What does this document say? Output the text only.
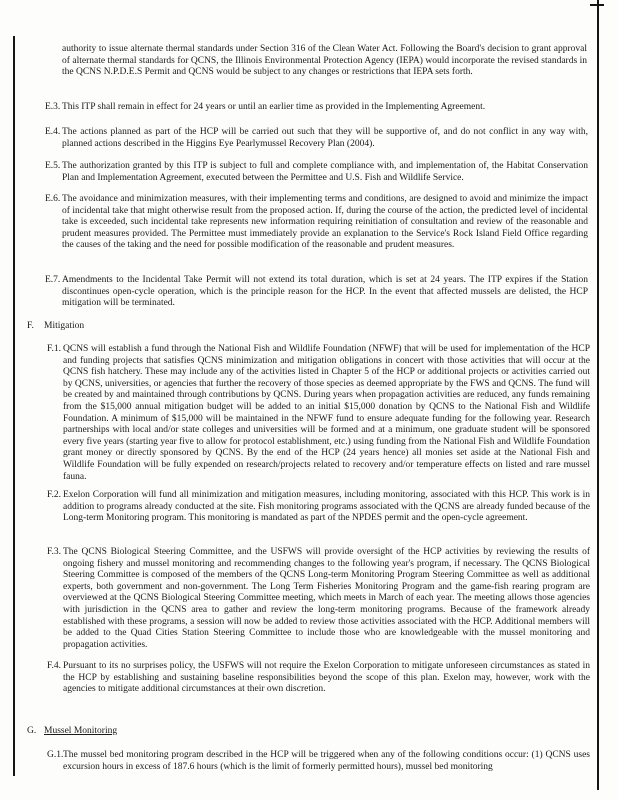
authority to issue alternate thermal standards under Section 316 of the Clean Water Act. Following the Board's decision to grant approval of alternate thermal standards for QCNS, the Illinois Environmental Protection Agency (IEPA) would incorporate the revised standards in the QCNS N.P.D.E.S Permit and QCNS would be subject to any changes or restrictions that IEPA sets forth.
E.3. This ITP shall remain in effect for 24 years or until an earlier time as provided in the Implementing Agreement.
E.4. The actions planned as part of the HCP will be carried out such that they will be supportive of, and do not conflict in any way with, planned actions described in the Higgins Eye Pearlymussel Recovery Plan (2004).
E.5. The authorization granted by this ITP is subject to full and complete compliance with, and implementation of, the Habitat Conservation Plan and Implementation Agreement, executed between the Permittee and U.S. Fish and Wildlife Service.
E.6. The avoidance and minimization measures, with their implementing terms and conditions, are designed to avoid and minimize the impact of incidental take that might otherwise result from the proposed action. If, during the course of the action, the predicted level of incidental take is exceeded, such incidental take represents new information requiring reinitiation of consultation and review of the reasonable and prudent measures provided. The Permittee must immediately provide an explanation to the Service's Rock Island Field Office regarding the causes of the taking and the need for possible modification of the reasonable and prudent measures.
E.7. Amendments to the Incidental Take Permit will not extend its total duration, which is set at 24 years. The ITP expires if the Station discontinues open-cycle operation, which is the principle reason for the HCP. In the event that affected mussels are delisted, the HCP mitigation will be terminated.
F. Mitigation
F.1. QCNS will establish a fund through the National Fish and Wildlife Foundation (NFWF) that will be used for implementation of the HCP and funding projects that satisfies QCNS minimization and mitigation obligations in concert with those activities that will occur at the QCNS fish hatchery. These may include any of the activities listed in Chapter 5 of the HCP or additional projects or activities carried out by QCNS, universities, or agencies that further the recovery of those species as deemed appropriate by the FWS and QCNS. The fund will be created by and maintained through contributions by QCNS. During years when propagation activities are reduced, any funds remaining from the $15,000 annual mitigation budget will be added to an initial $15,000 donation by QCNS to the National Fish and Wildlife Foundation. A minimum of $15,000 will be maintained in the NFWF fund to ensure adequate funding for the following year. Research partnerships with local and/or state colleges and universities will be formed and at a minimum, one graduate student will be sponsored every five years (starting year five to allow for protocol establishment, etc.) using funding from the National Fish and Wildlife Foundation grant money or directly sponsored by QCNS. By the end of the HCP (24 years hence) all monies set aside at the National Fish and Wildlife Foundation will be fully expended on research/projects related to recovery and/or temperature effects on listed and rare mussel fauna.
F.2. Exelon Corporation will fund all minimization and mitigation measures, including monitoring, associated with this HCP. This work is in addition to programs already conducted at the site. Fish monitoring programs associated with the QCNS are already funded because of the Long-term Monitoring program. This monitoring is mandated as part of the NPDES permit and the open-cycle agreement.
F.3. The QCNS Biological Steering Committee, and the USFWS will provide oversight of the HCP activities by reviewing the results of ongoing fishery and mussel monitoring and recommending changes to the following year's program, if necessary. The QCNS Biological Steering Committee is composed of the members of the QCNS Long-term Monitoring Program Steering Committee as well as additional experts, both government and non-government. The Long Term Fisheries Monitoring Program and the game-fish rearing program are overviewed at the QCNS Biological Steering Committee meeting, which meets in March of each year. The meeting allows those agencies with jurisdiction in the QCNS area to gather and review the long-term monitoring programs. Because of the framework already established with these programs, a session will now be added to review those activities associated with the HCP. Additional members will be added to the Quad Cities Station Steering Committee to include those who are knowledgeable with the mussel monitoring and propagation activities.
F.4. Pursuant to its no surprises policy, the USFWS will not require the Exelon Corporation to mitigate unforeseen circumstances as stated in the HCP by establishing and sustaining baseline responsibilities beyond the scope of this plan. Exelon may, however, work with the agencies to mitigate additional circumstances at their own discretion.
G. Mussel Monitoring
G.1. The mussel bed monitoring program described in the HCP will be triggered when any of the following conditions occur: (1) QCNS uses excursion hours in excess of 187.6 hours (which is the limit of formerly permitted hours), mussel bed monitoring
